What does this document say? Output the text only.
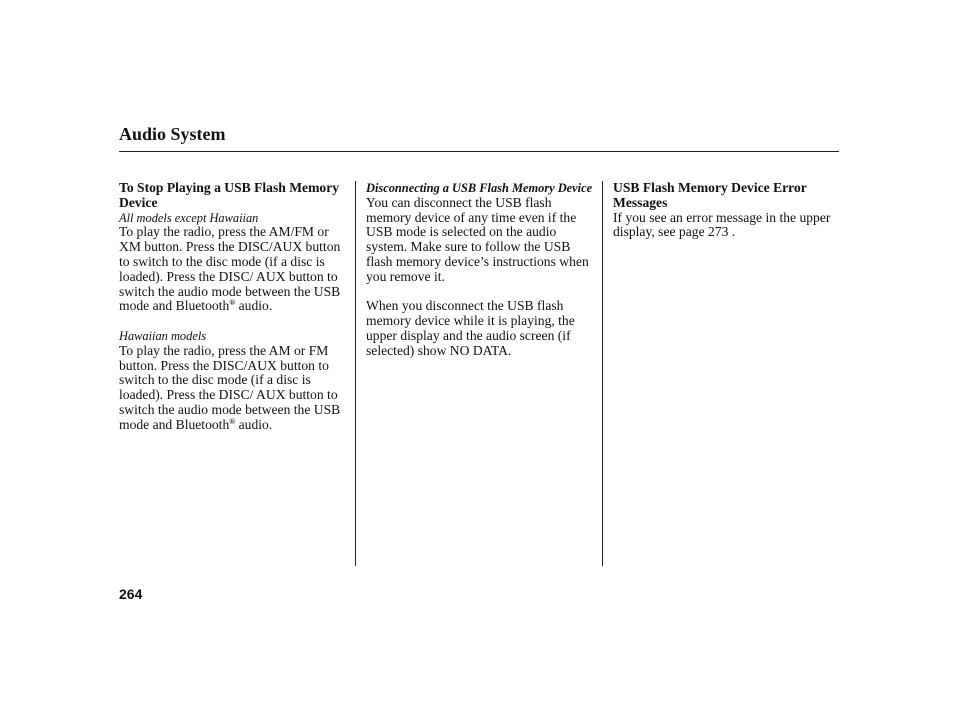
Audio System

To Stop Playing a USB Flash Memory Device

All models except Hawaiian

To play the radio, press the AM/FM or XM button. Press the DISC/AUX button to switch to the disc mode (if a disc is loaded). Press the DISC/ AUX button to switch the audio mode between the USB mode and Bluetooth® audio.

Hawaiian models

To play the radio, press the AM or FM button. Press the DISC/AUX button to switch to the disc mode (if a disc is loaded). Press the DISC/ AUX button to switch the audio mode between the USB mode and Bluetooth® audio.

Disconnecting a USB Flash Memory Device

You can disconnect the USB flash memory device of any time even if the USB mode is selected on the audio system. Make sure to follow the USB flash memory device’s instructions when you remove it.

When you disconnect the USB flash memory device while it is playing, the upper display and the audio screen (if selected) show NO DATA.

USB Flash Memory Device Error Messages

If you see an error message in the upper display, see page 273 .

264
